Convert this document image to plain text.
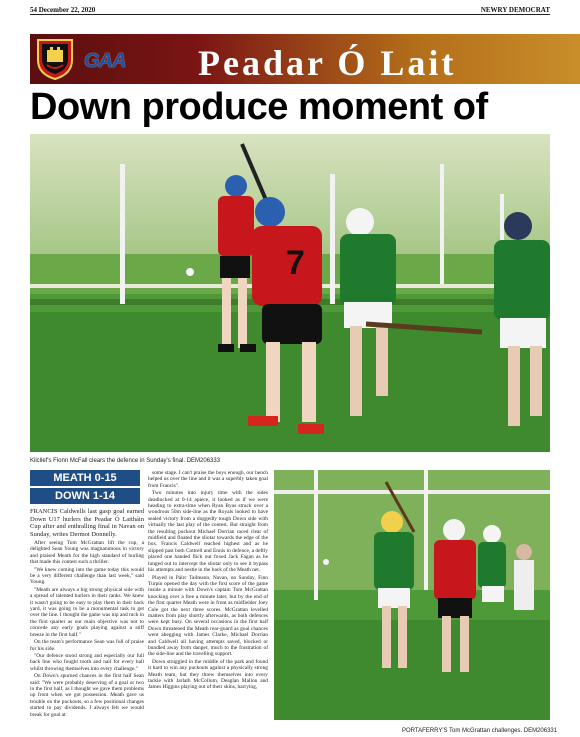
54 December 22, 2020	NEWRY DEMOCRAT
GAA Peadar Ó Lait
Down produce moment of
7
Kilclief's Fionn McFall clears the defence in Sunday's final. DEM206333
MEATH 0-15
DOWN 1-14

FRANCIS Caldwells last gasp goal earned Down U17 hurlers the Peadar Ó Laitháin Cup after and enthralling final in Navan on Sunday, writes Dermot Donnelly.

After seeing Tom McGrattan lift the cup, a delighted Sean Young was magnanimous in victory and praised Meath for the high standard of hurling that made this contest such a thriller.

"We knew coming into the game today this would be a very different challenge than last week," said Young.

"Meath are always a big strong physical side with a spread of talented hurlers in their ranks. We knew it wasn't going to be easy to play them in their back yard, it was going to be a monumental task to get over the line. I thought the game was nip and tuck in the first quarter as our main objective was not to concede any early goals playing against a stiff breeze in the first half."

On the team's performance Sean was full of praise for his side.

"Our defence stood strong and especially our full back line who fought tooth and nail for every ball whilst throwing themselves into every challenge."

On Down's spurned chances in the first half Sean said: "We were probably deserving of a goal or two in the first half, as I thought we gave them problems up front when we got possession. Meath gave us trouble on the puckouts, so a few positional changes started to pay dividends. I always felt we would break for goal at

some stage. I can't praise the boys enough, our bench helped us over the line and it was a superbly taken goal from Francis".

Two minutes into injury time with the sides deadlocked at 0-14 apiece, it looked as if we were heading to extra-time when Ryan Byas struck over a wondrous 50m side-line as the Royals looked to have sealed victory from a doggedly tough Down side with virtually the last play of the contest. But straight from the resulting puckout Michael Dorrian raced clear of midfield and floated the sliotar towards the edge of the box. Francis Caldwell reached highest and as he slipped past both Cottrell and Ennis in defence, a deftly placed one handed flick out foxed Jack Fagan as he lunged out to intercept the sliotar only to see it bypass his attempts and nestle in the back of the Meath net.

Played in Páirc Tailteann, Navan, on Sunday, Finn Turpin opened the day with the first score of the game inside a minute with Down's captain Tom McGrattan knocking over a free a minute later, but by the end of the first quarter Meath were in front as midfielder Joey Cole got the next three scores. McGrattan levelled matters from play shortly afterwards, as both defences were kept busy. On several occasions in the first half Down threatened the Meath rear-guard as goal chances went abegging with James Clarke, Michael Dorrian and Caldwell all having attempts saved, blocked or bundled away from danger, much to the frustration of the side-line and the travelling support.

Down struggled in the middle of the park and found it hard to win any puckouts against a physically strong Meath team, but they threw themselves into every tackle with Jarlath McCollum, Deaglan Mallon and James Higgins playing out of their skins, harrying,

PORTAFERRY'S Tom McGrattan challenges. DEM206331
